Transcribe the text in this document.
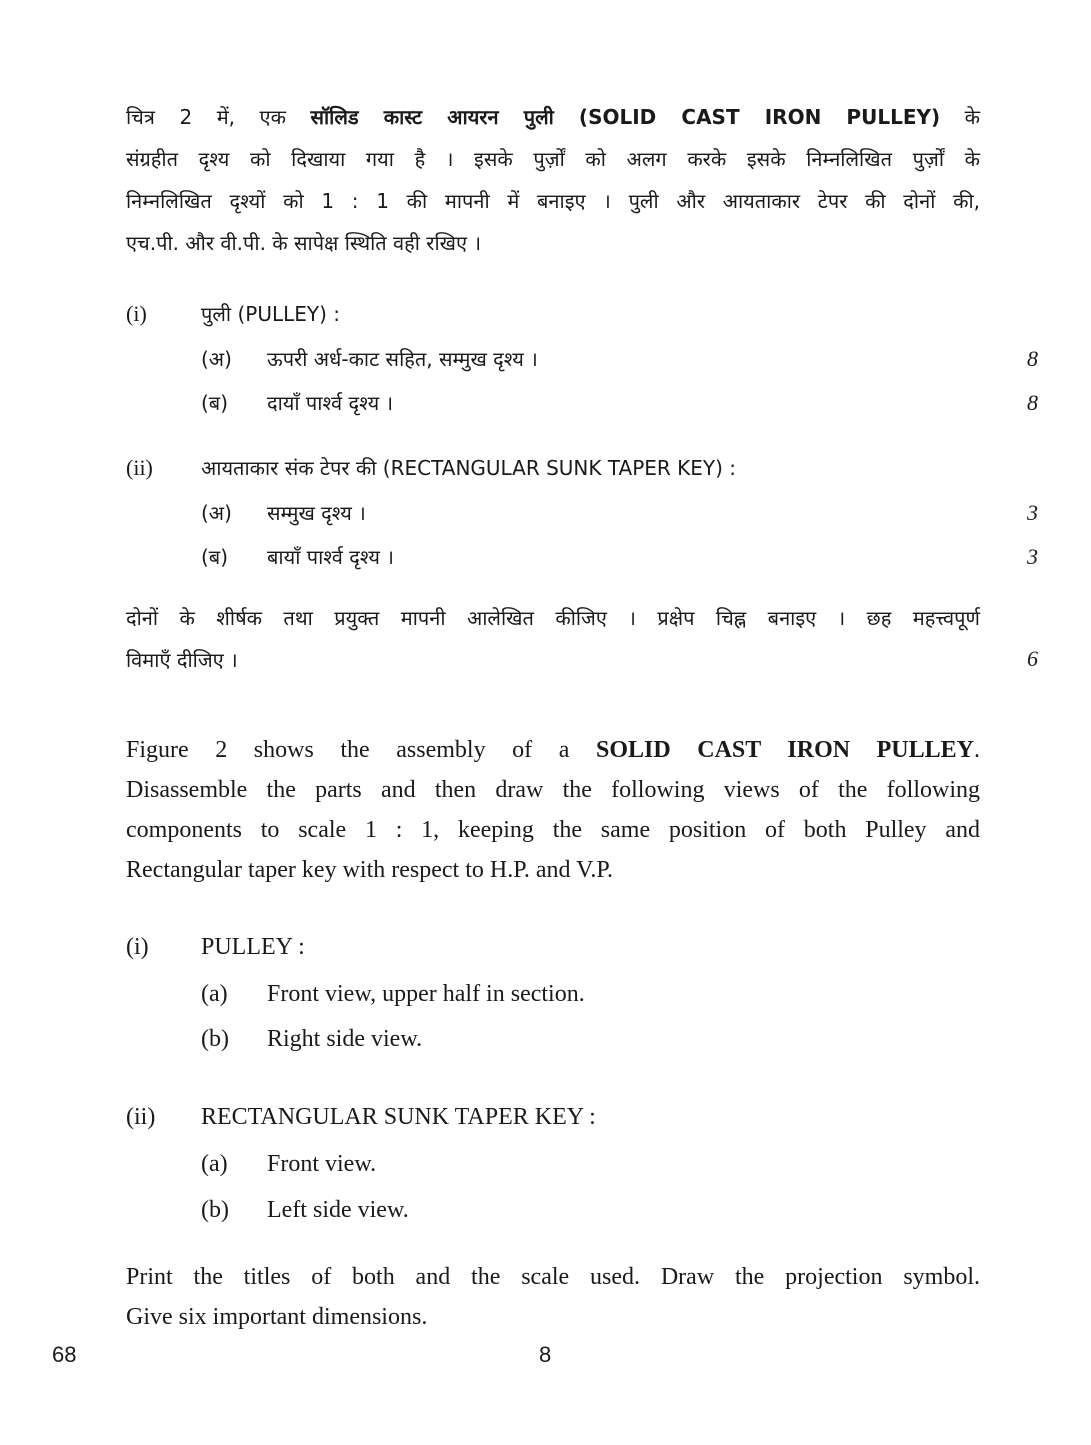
चित्र 2 में, एक सॉलिड कास्ट आयरन पुली (SOLID CAST IRON PULLEY) के
संग्रहीत दृश्य को दिखाया गया है । इसके पुर्ज़ों को अलग करके इसके निम्नलिखित पुर्ज़ों के
निम्नलिखित दृश्यों को 1 : 1 की मापनी में बनाइए । पुली और आयताकार टेपर की दोनों की,
एच.पी. और वी.पी. के सापेक्ष स्थिति वही रखिए ।
(i)	पुली (PULLEY) :
(अ) ऊपरी अर्ध-काट सहित, सम्मुख दृश्य ।	8
(ब) दायाँ पार्श्व दृश्य ।	8
(ii) आयताकार संक टेपर की (RECTANGULAR SUNK TAPER KEY) :
(अ) सम्मुख दृश्य ।	3
(ब) बायाँ पार्श्व दृश्य ।	3
दोनों के शीर्षक तथा प्रयुक्त मापनी आलेखित कीजिए । प्रक्षेप चिह्न बनाइए । छह महत्त्वपूर्ण
विमाएँ दीजिए ।	6
Figure 2 shows the assembly of a SOLID CAST IRON PULLEY.
Disassemble the parts and then draw the following views of the following
components to scale 1 : 1, keeping the same position of both Pulley and
Rectangular taper key with respect to H.P. and V.P.
(i) PULLEY :
(a) Front view, upper half in section.
(b) Right side view.
(ii) RECTANGULAR SUNK TAPER KEY :
(a) Front view.
(b) Left side view.
Print the titles of both and the scale used. Draw the projection symbol.
Give six important dimensions.
68	8
